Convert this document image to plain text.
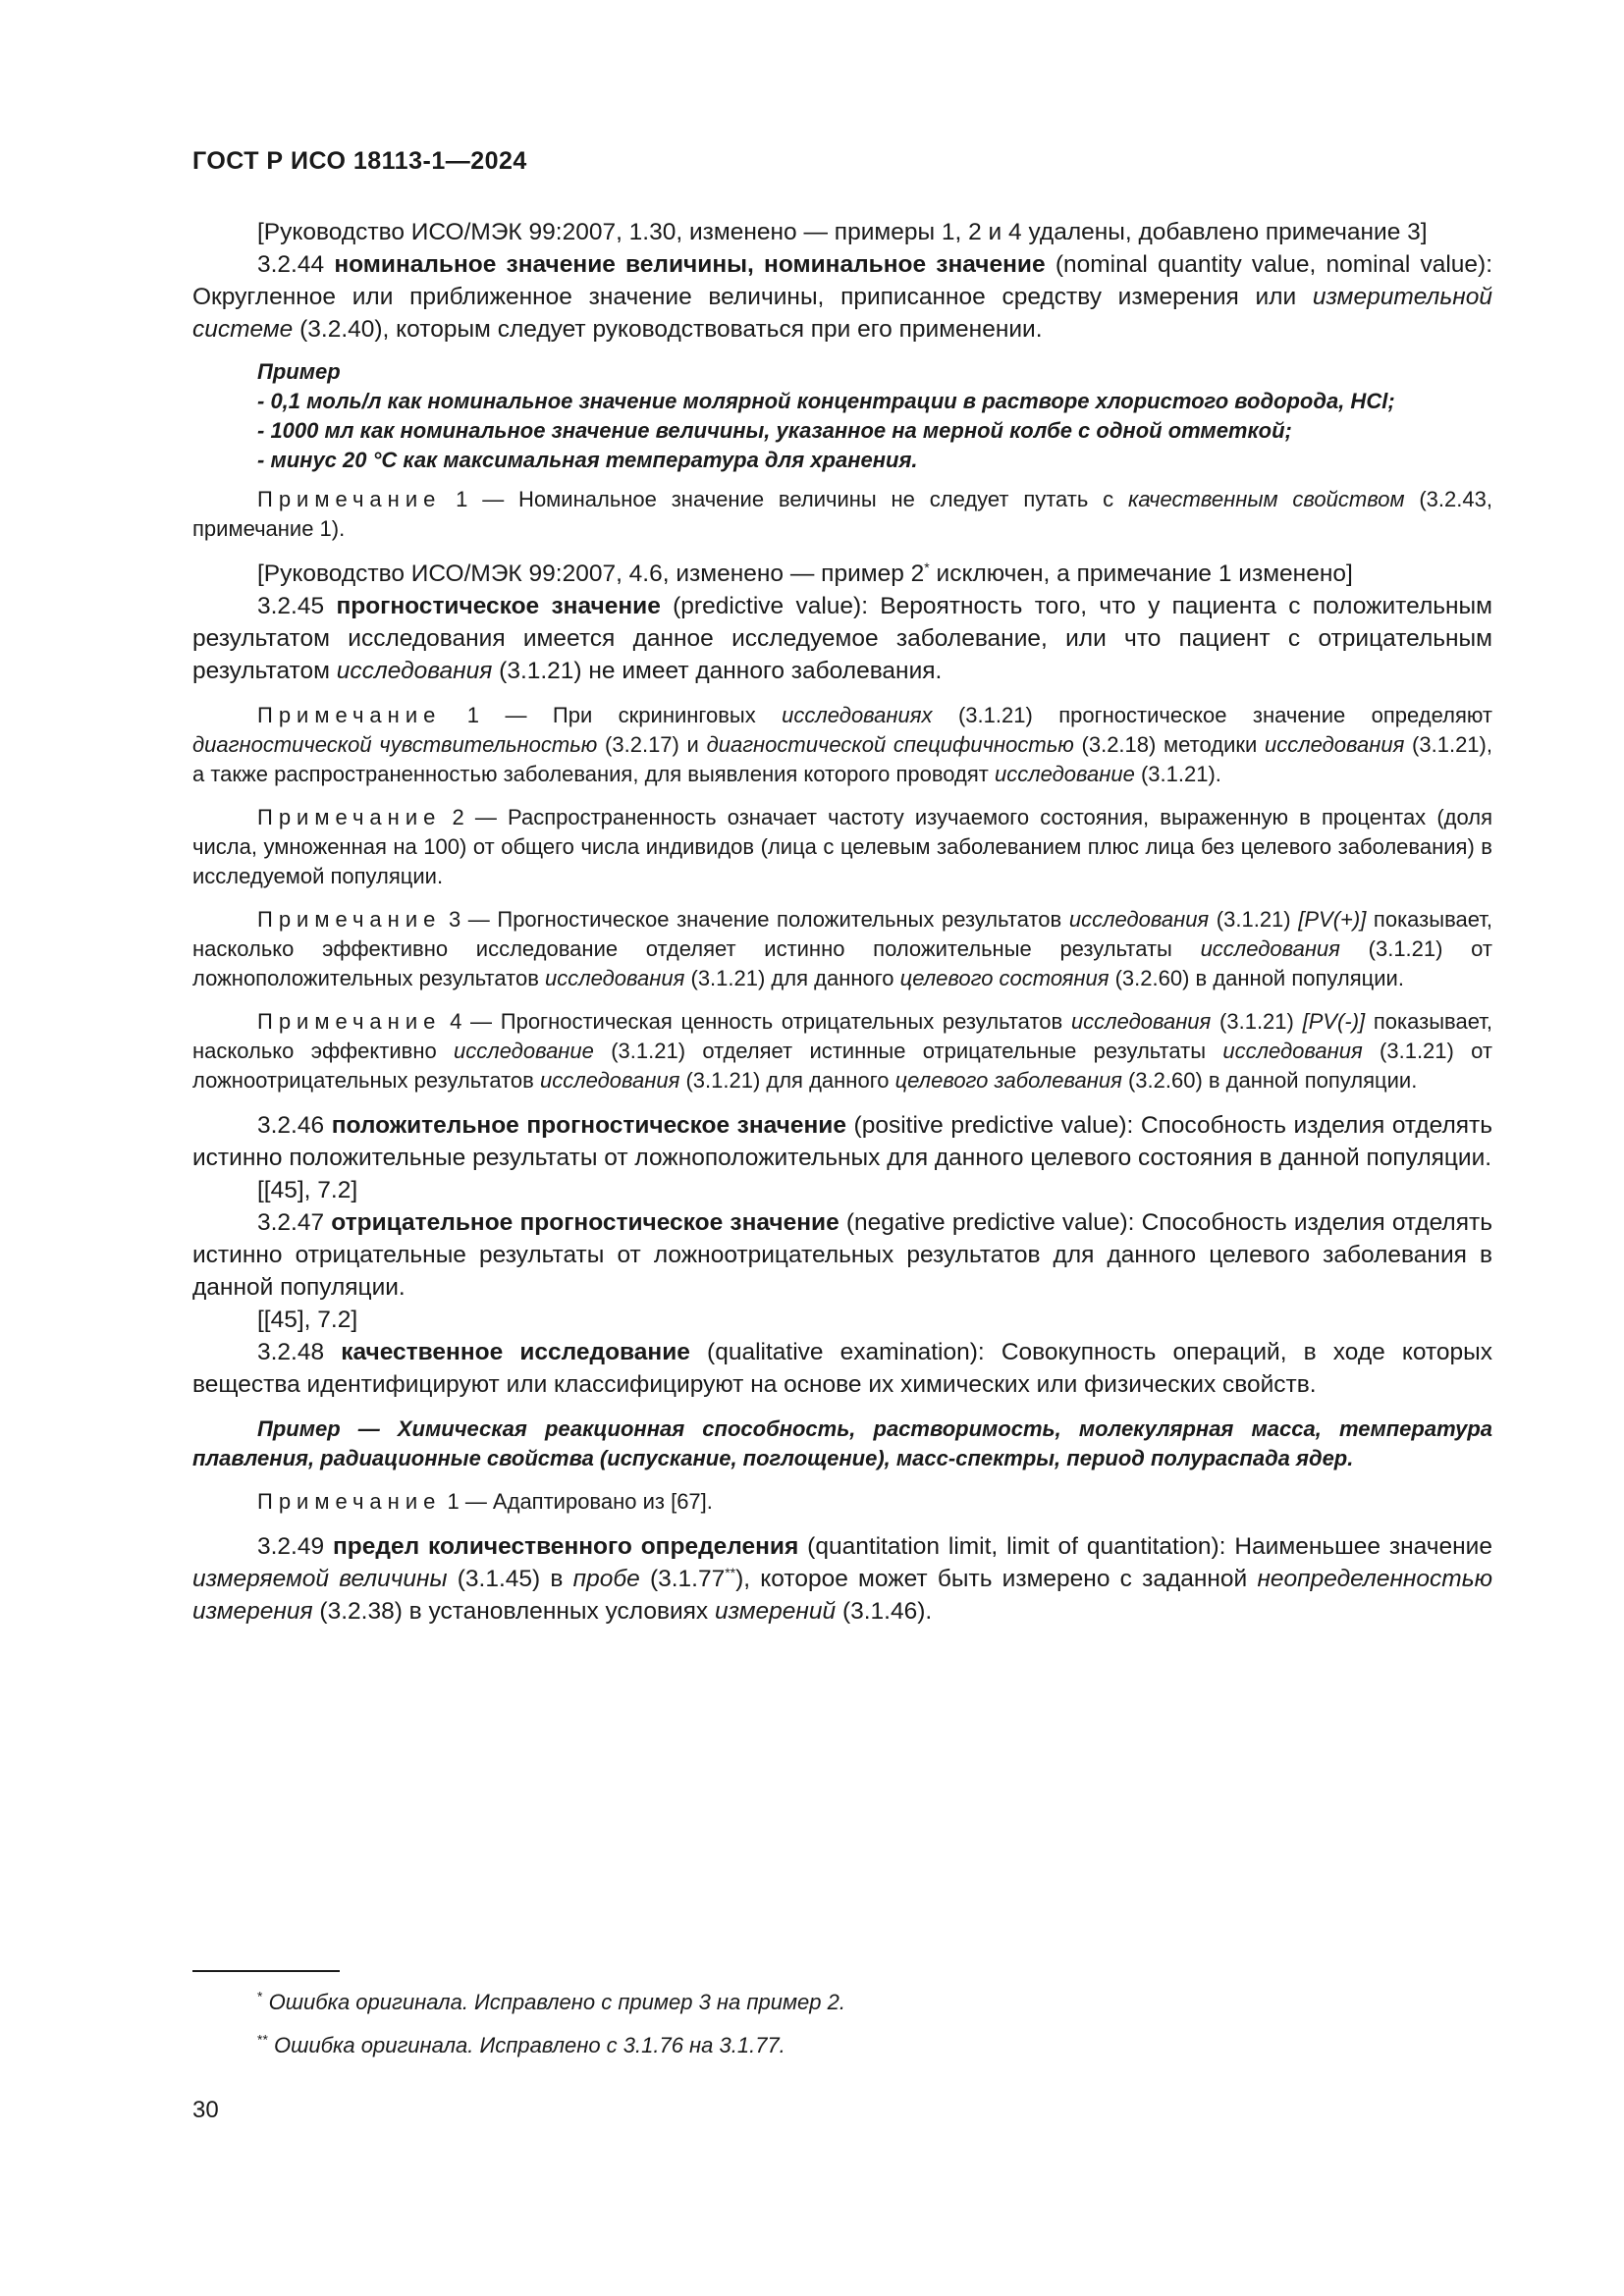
ГОСТ Р ИСО 18113-1—2024

[Руководство ИСО/МЭК 99:2007, 1.30, изменено — примеры 1, 2 и 4 удалены, добавлено примечание 3]

3.2.44 номинальное значение величины, номинальное значение (nominal quantity value, nominal value): Округленное или приближенное значение величины, приписанное средству измерения или измерительной системе (3.2.40), которым следует руководствоваться при его применении.

Пример

- 0,1 моль/л как номинальное значение молярной концентрации в растворе хлористого водорода, HCl;

- 1000 мл как номинальное значение величины, указанное на мерной колбе с одной отметкой;

- минус 20 °С как максимальная температура для хранения.

Примечание 1 — Номинальное значение величины не следует путать с качественным свойством (3.2.43, примечание 1).

[Руководство ИСО/МЭК 99:2007, 4.6, изменено — пример 2* исключен, а примечание 1 изменено]

3.2.45 прогностическое значение (predictive value): Вероятность того, что у пациента с положительным результатом исследования имеется данное исследуемое заболевание, или что пациент с отрицательным результатом исследования (3.1.21) не имеет данного заболевания.

Примечание 1 — При скрининговых исследованиях (3.1.21) прогностическое значение определяют диагностической чувствительностью (3.2.17) и диагностической специфичностью (3.2.18) методики исследования (3.1.21), а также распространенностью заболевания, для выявления которого проводят исследование (3.1.21).

Примечание 2 — Распространенность означает частоту изучаемого состояния, выраженную в процентах (доля числа, умноженная на 100) от общего числа индивидов (лица с целевым заболеванием плюс лица без целевого заболевания) в исследуемой популяции.

Примечание 3 — Прогностическое значение положительных результатов исследования (3.1.21) [PV(+)] показывает, насколько эффективно исследование отделяет истинно положительные результаты исследования (3.1.21) от ложноположительных результатов исследования (3.1.21) для данного целевого состояния (3.2.60) в данной популяции.

Примечание 4 — Прогностическая ценность отрицательных результатов исследования (3.1.21) [PV(-)] показывает, насколько эффективно исследование (3.1.21) отделяет истинные отрицательные результаты исследования (3.1.21) от ложноотрицательных результатов исследования (3.1.21) для данного целевого заболевания (3.2.60) в данной популяции.

3.2.46 положительное прогностическое значение (positive predictive value): Способность изделия отделять истинно положительные результаты от ложноположительных для данного целевого состояния в данной популяции.

[[45], 7.2]

3.2.47 отрицательное прогностическое значение (negative predictive value): Способность изделия отделять истинно отрицательные результаты от ложноотрицательных результатов для данного целевого заболевания в данной популяции.

[[45], 7.2]

3.2.48 качественное исследование (qualitative examination): Совокупность операций, в ходе которых вещества идентифицируют или классифицируют на основе их химических или физических свойств.

Пример — Химическая реакционная способность, растворимость, молекулярная масса, температура плавления, радиационные свойства (испускание, поглощение), масс-спектры, период полураспада ядер.

Примечание 1 — Адаптировано из [67].

3.2.49 предел количественного определения (quantitation limit, limit of quantitation): Наименьшее значение измеряемой величины (3.1.45) в пробе (3.1.77**), которое может быть измерено с заданной неопределенностью измерения (3.2.38) в установленных условиях измерений (3.1.46).

* Ошибка оригинала. Исправлено с пример 3 на пример 2.
** Ошибка оригинала. Исправлено с 3.1.76 на 3.1.77.
30
